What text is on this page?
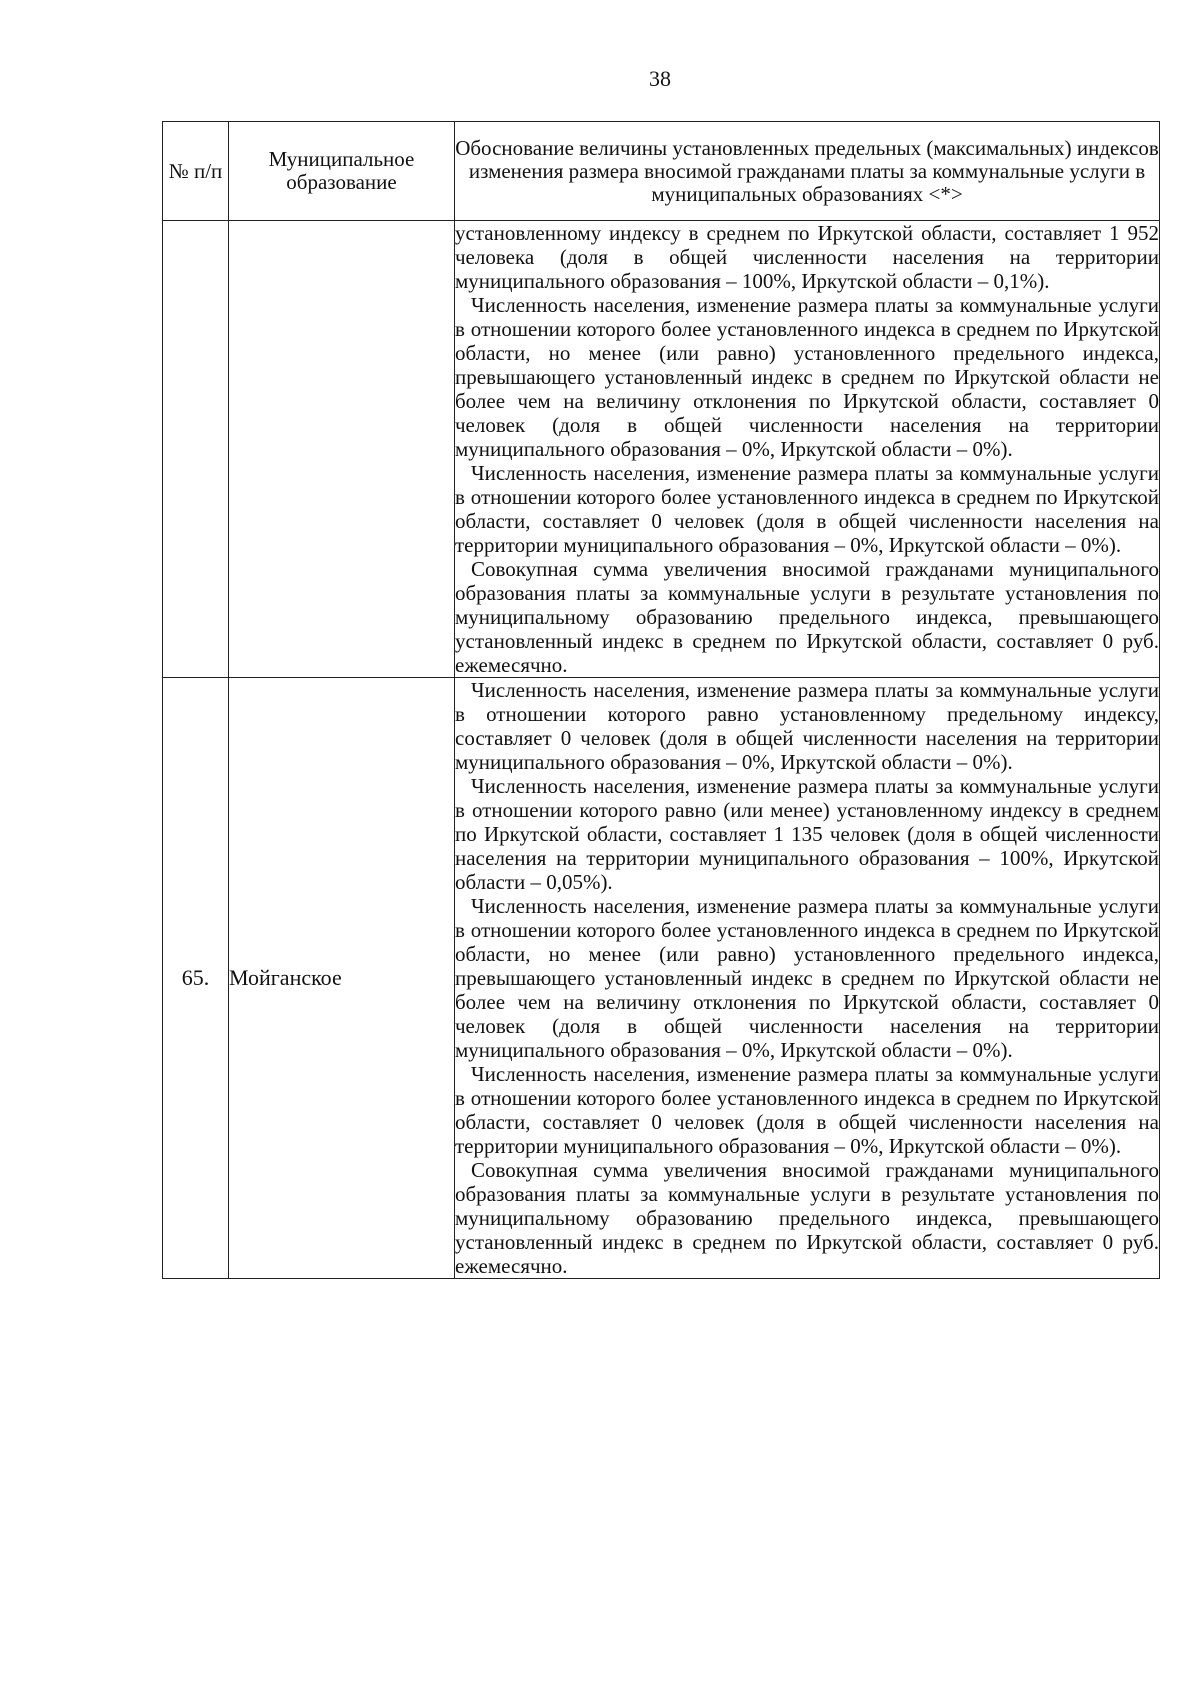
38
№ п/п	Муниципальное образование	Обоснование величины установленных предельных (максимальных) индексов изменения размера вносимой гражданами платы за коммунальные услуги в муниципальных образованиях <*>

		установленному индексу в среднем по Иркутской области, составляет 1 952 человека (доля в общей численности населения на территории муниципального образования – 100%, Иркутской области – 0,1%).

Численность населения, изменение размера платы за коммунальные услуги в отношении которого более установленного индекса в среднем по Иркутской области, но менее (или равно) установленного предельного индекса, превышающего установленный индекс в среднем по Иркутской области не более чем на величину отклонения по Иркутской области, составляет 0 человек (доля в общей численности населения на территории муниципального образования – 0%, Иркутской области – 0%).

Численность населения, изменение размера платы за коммунальные услуги в отношении которого более установленного индекса в среднем по Иркутской области, составляет 0 человек (доля в общей численности населения на территории муниципального образования – 0%, Иркутской области – 0%).

Совокупная сумма увеличения вносимой гражданами муниципального образования платы за коммунальные услуги в результате установления по муниципальному образованию предельного индекса, превышающего установленный индекс в среднем по Иркутской области, составляет 0 руб. ежемесячно.

65.	Мойганское	Численность населения, изменение размера платы за коммунальные услуги в отношении которого равно установленному предельному индексу, составляет 0 человек (доля в общей численности населения на территории муниципального образования – 0%, Иркутской области – 0%).

Численность населения, изменение размера платы за коммунальные услуги в отношении которого равно (или менее) установленному индексу в среднем по Иркутской области, составляет 1 135 человек (доля в общей численности населения на территории муниципального образования – 100%, Иркутской области – 0,05%).

Численность населения, изменение размера платы за коммунальные услуги в отношении которого более установленного индекса в среднем по Иркутской области, но менее (или равно) установленного предельного индекса, превышающего установленный индекс в среднем по Иркутской области не более чем на величину отклонения по Иркутской области, составляет 0 человек (доля в общей численности населения на территории муниципального образования – 0%, Иркутской области – 0%).

Численность населения, изменение размера платы за коммунальные услуги в отношении которого более установленного индекса в среднем по Иркутской области, составляет 0 человек (доля в общей численности населения на территории муниципального образования – 0%, Иркутской области – 0%).

Совокупная сумма увеличения вносимой гражданами муниципального образования платы за коммунальные услуги в результате установления по муниципальному образованию предельного индекса, превышающего установленный индекс в среднем по Иркутской области, составляет 0 руб. ежемесячно.
